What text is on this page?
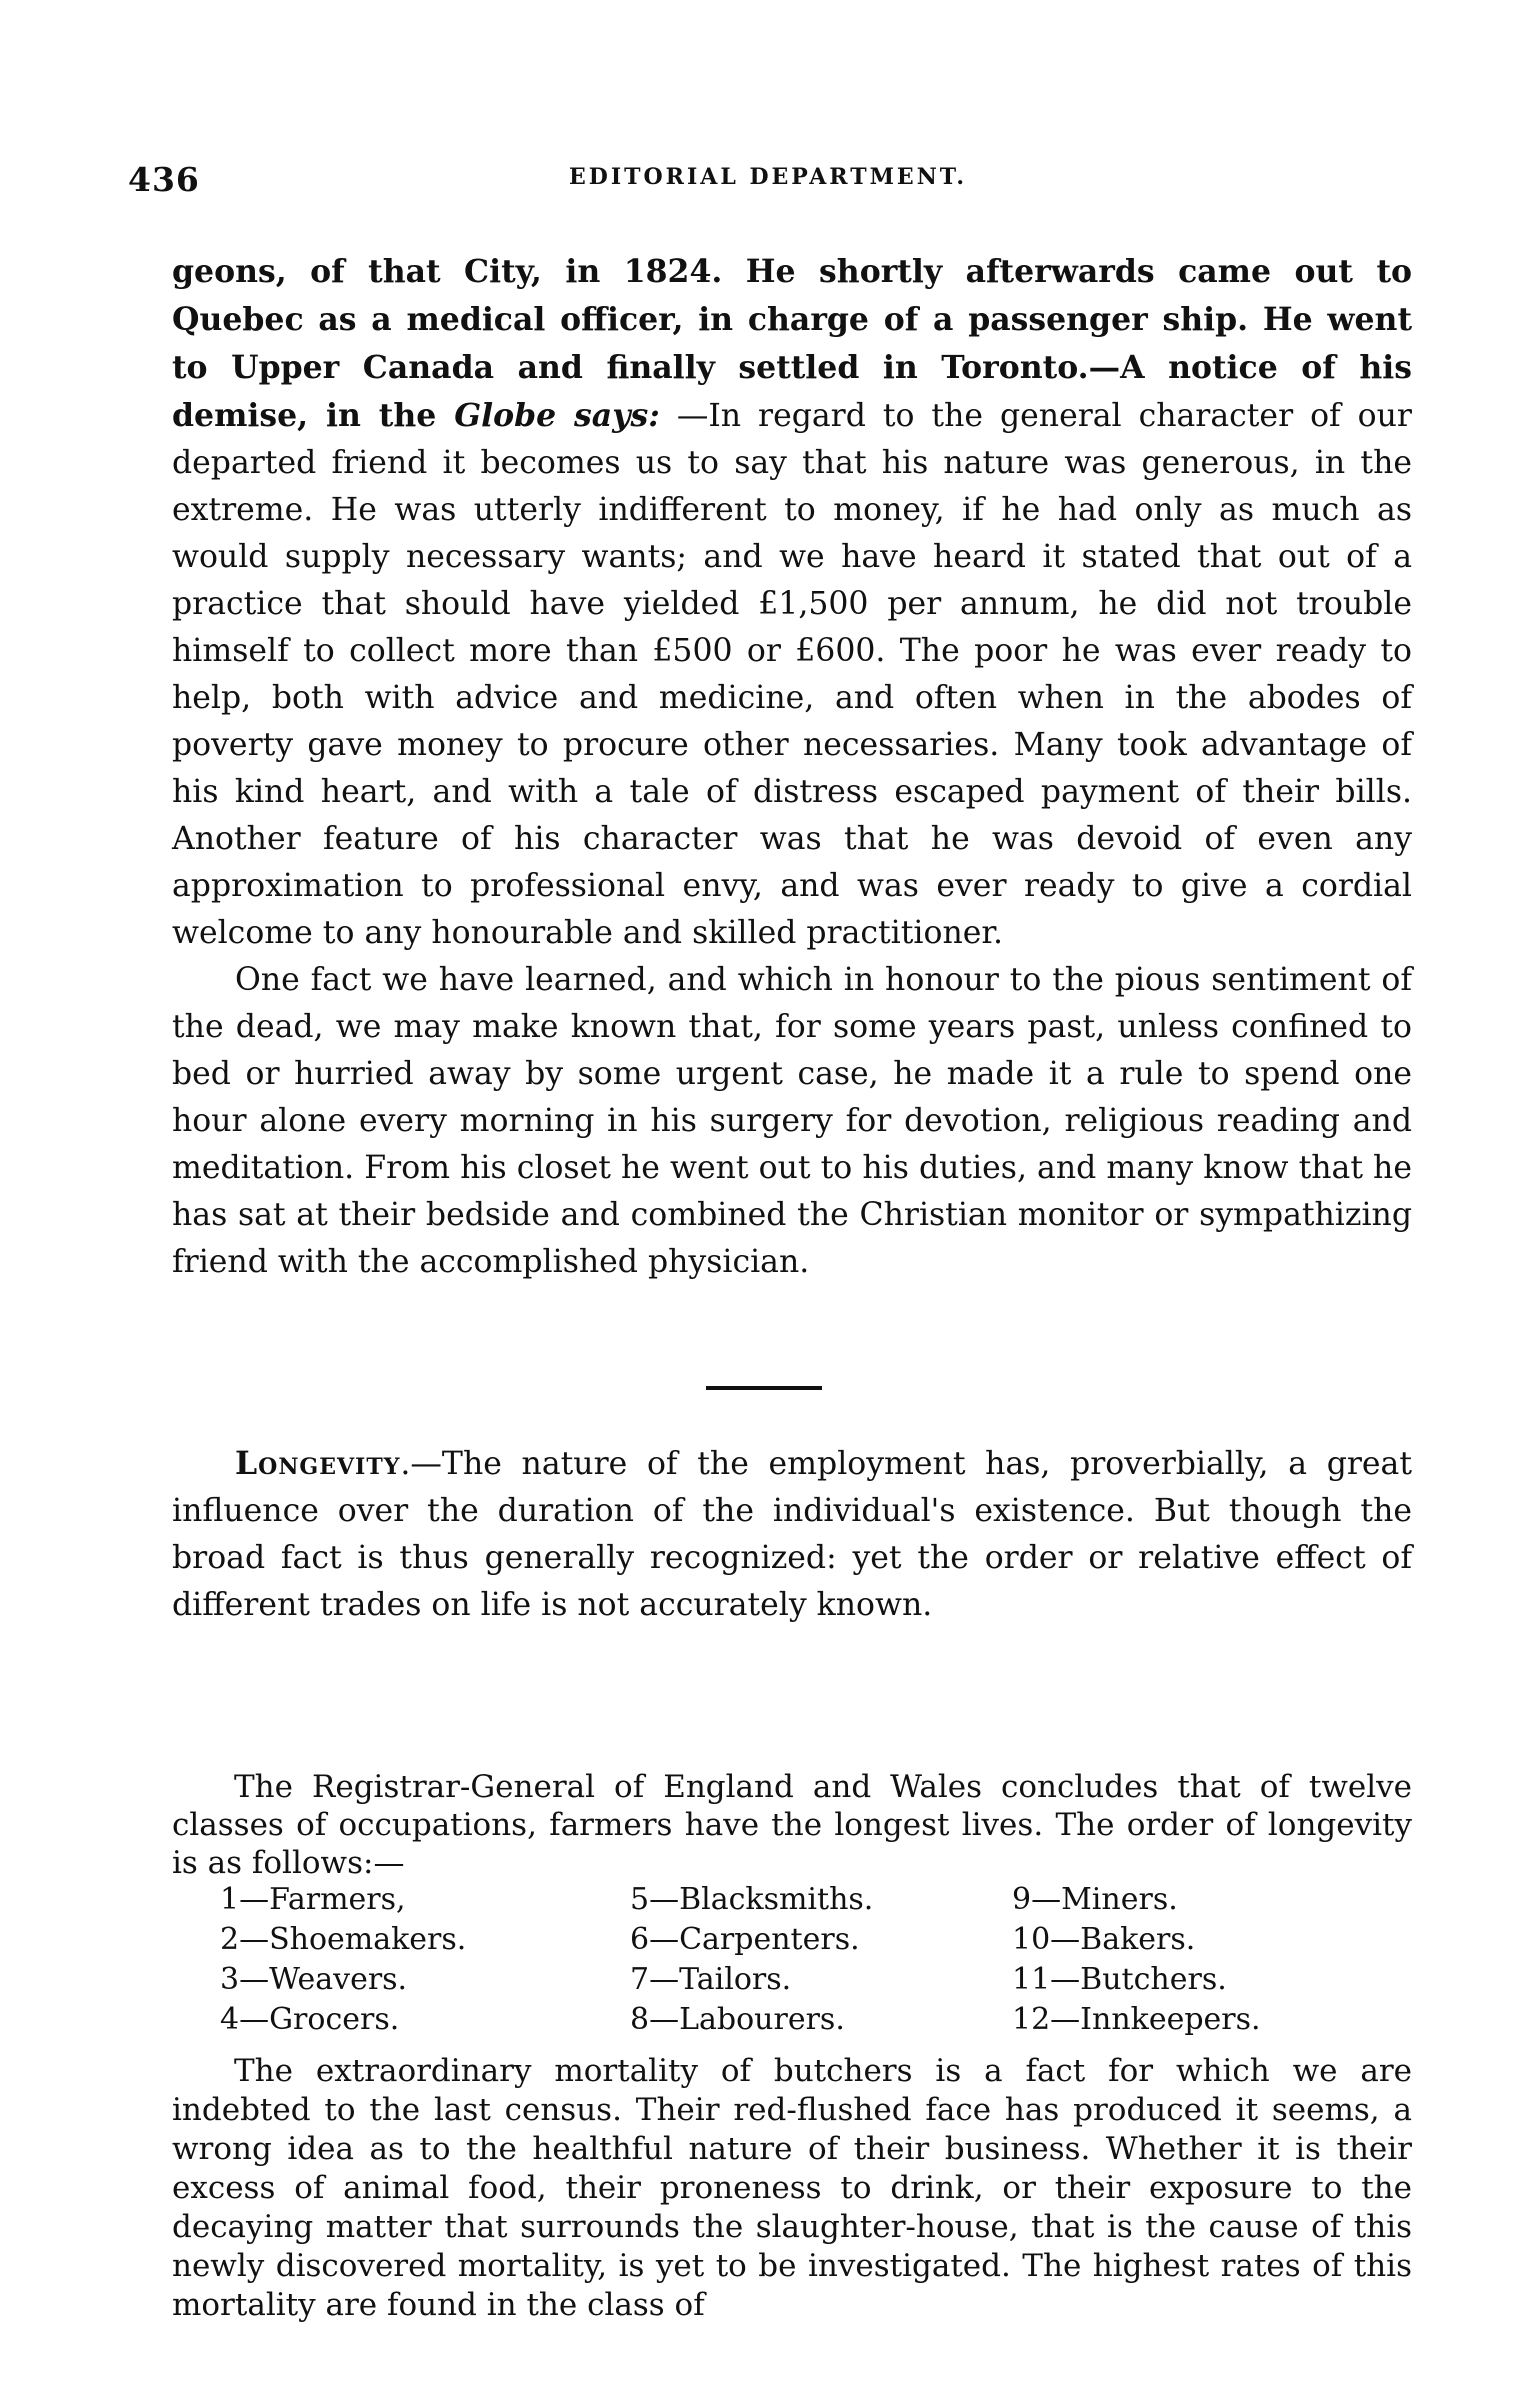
436	EDITORIAL DEPARTMENT.

geons, of that City, in 1824. He shortly afterwards came out to Quebec as a medical officer, in charge of a passenger ship. He went to Upper Canada and finally settled in Toronto.—A notice of his demise, in the Globe says: —In regard to the general character of our departed friend it becomes us to say that his nature was generous, in the extreme. He was utterly indifferent to money, if he had only as much as would supply necessary wants; and we have heard it stated that out of a practice that should have yielded £1,500 per annum, he did not trouble himself to collect more than £500 or £600. The poor he was ever ready to help, both with advice and medicine, and often when in the abodes of poverty gave money to procure other necessaries. Many took advantage of his kind heart, and with a tale of distress escaped payment of their bills. Another feature of his character was that he was devoid of even any approximation to professional envy, and was ever ready to give a cordial welcome to any honourable and skilled practitioner.

One fact we have learned, and which in honour to the pious sentiment of the dead, we may make known that, for some years past, unless confined to bed or hurried away by some urgent case, he made it a rule to spend one hour alone every morning in his surgery for devotion, religious reading and meditation. From his closet he went out to his duties, and many know that he has sat at their bedside and combined the Christian monitor or sympathizing friend with the accomplished physician.

Longevity.—The nature of the employment has, proverbially, a great influence over the duration of the individual's existence. But though the broad fact is thus generally recognized: yet the order or relative effect of different trades on life is not accurately known.

The Registrar-General of England and Wales concludes that of twelve classes of occupations, farmers have the longest lives. The order of longevity is as follows:—

1—Farmers,
2—Shoemakers.
3—Weavers.
4—Grocers.
5—Blacksmiths.
6—Carpenters.
7—Tailors.
8—Labourers.
9—Miners.
10—Bakers.
11—Butchers.
12—Innkeepers.

The extraordinary mortality of butchers is a fact for which we are indebted to the last census. Their red-flushed face has produced it seems, a wrong idea as to the healthful nature of their business. Whether it is their excess of animal food, their proneness to drink, or their exposure to the decaying matter that surrounds the slaughter-house, that is the cause of this newly discovered mortality, is yet to be investigated. The highest rates of this mortality are found in the class of
